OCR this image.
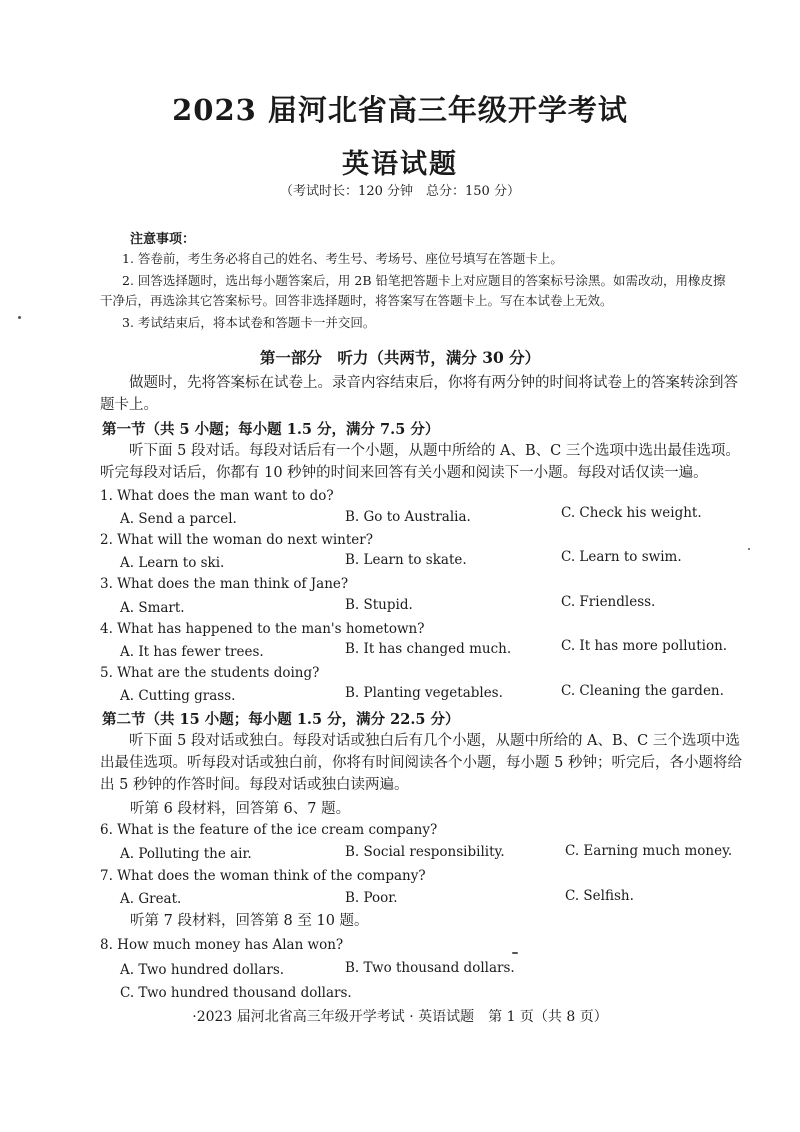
2023 届河北省高三年级开学考试
英语试题
（考试时长：120 分钟　总分：150 分）
注意事项：
1. 答卷前，考生务必将自己的姓名、考生号、考场号、座位号填写在答题卡上。
2. 回答选择题时，选出每小题答案后，用 2B 铅笔把答题卡上对应题目的答案标号涂黑。如需改动，用橡皮擦
干净后，再选涂其它答案标号。回答非选择题时，将答案写在答题卡上。写在本试卷上无效。
3. 考试结束后，将本试卷和答题卡一并交回。
第一部分　听力（共两节，满分 30 分）
做题时，先将答案标在试卷上。录音内容结束后，你将有两分钟的时间将试卷上的答案转涂到答题卡上。
第一节（共 5 小题；每小题 1.5 分，满分 7.5 分）
听下面 5 段对话。每段对话后有一个小题，从题中所给的 A、B、C 三个选项中选出最佳选项。听完每段对话后，你都有 10 秒钟的时间来回答有关小题和阅读下一小题。每段对话仅读一遍。
1. What does the man want to do?
A. Send a parcel.	B. Go to Australia.	C. Check his weight.
2. What will the woman do next winter?
A. Learn to ski.	B. Learn to skate.	C. Learn to swim.
3. What does the man think of Jane?
A. Smart.	B. Stupid.	C. Friendless.
4. What has happened to the man's hometown?
A. It has fewer trees.	B. It has changed much.	C. It has more pollution.
5. What are the students doing?
A. Cutting grass.	B. Planting vegetables.	C. Cleaning the garden.
第二节（共 15 小题；每小题 1.5 分，满分 22.5 分）
听下面 5 段对话或独白。每段对话或独白后有几个小题，从题中所给的 A、B、C 三个选项中选出最佳选项。听每段对话或独白前，你将有时间阅读各个小题，每小题 5 秒钟；听完后，各小题将给出 5 秒钟的作答时间。每段对话或独白读两遍。
听第 6 段材料，回答第 6、7 题。
6. What is the feature of the ice cream company?
A. Polluting the air.	B. Social responsibility.	C. Earning much money.
7. What does the woman think of the company?
A. Great.	B. Poor.	C. Selfish.
听第 7 段材料，回答第 8 至 10 题。
8. How much money has Alan won?
A. Two hundred dollars.	B. Two thousand dollars.
C. Two hundred thousand dollars.
·2023 届河北省高三年级开学考试 · 英语试题　第 1 页（共 8 页）
